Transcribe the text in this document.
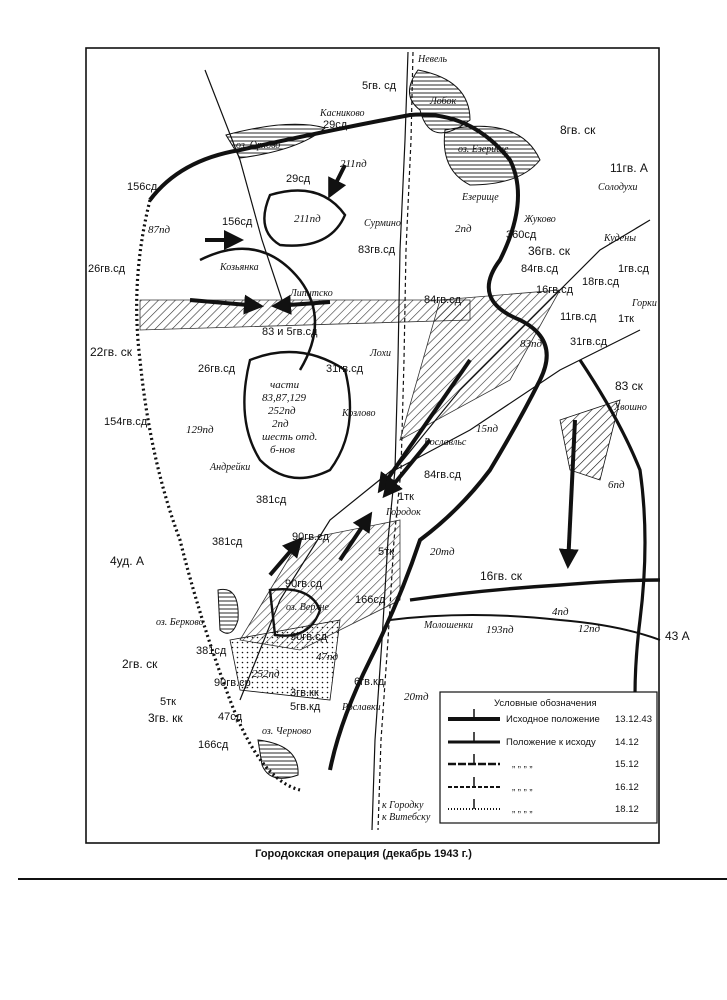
4уд. А
11гв. А
43 А
22гв. ск
8гв. ск
36гв. ск
16гв. ск
83 ск
2гв. ск
3гв. кк
1тк
5тк
1тк
5тк
156сд
156сд
87пд
26гв.сд
154гв.сд
129пд
83гв.сд
83 и 5гв.сд
26гв.сд	31гв.сд
29сд
29сд
211пд
211пд
5гв. сд
2пд	360сд
84гв.сд
16гв.сд
18гв.сд
1гв.сд
11гв.сд
31гв.сд
83пд
84гв.сд
84гв.сд
15пд
6пд
381сд
381сд
381сд
90гв.сд
90гв.сд
90гв.сд
90гв.ср
166сд
166сд
193пд
4пд
12пд
20тд
20тд
47пд
252пд
47сд
6гв.кд
5гв.кд
3гв.кк
части
83,87,129
252пд
2пд
шесть отд.
б-нов
Невель
Лобок
Касниково
оз. Езерище
Езерище
оз. Орлово
Сурмино
Козьянка
Липитско
Жуково
Кудены
Солодухи
Горки
Лохи
Козлово
Андрейки
Рославльс
Хвошно
Городок
оз. Берково
оз. Черново
оз. Верхне
Молошенки
Рославки
к Городку
к Витебску
Условные обозначения
Исходное положение 13.12.43
Положение к исходу 14.12
„ „ „ „	15.12
„ „ „ „	16.12
„ „ „ „	18.12
Городокская операция (декабрь 1943 г.)
